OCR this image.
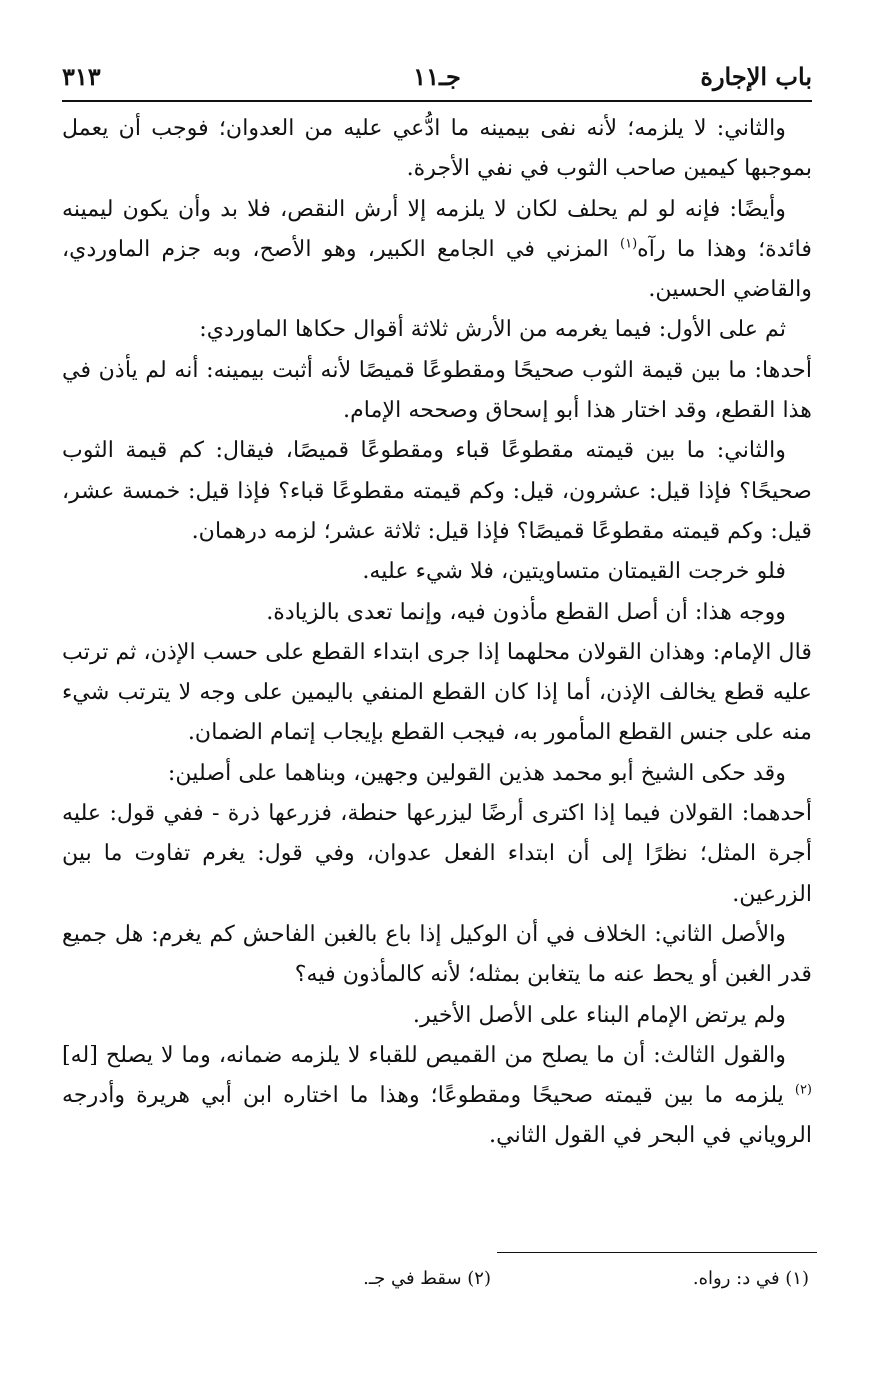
باب الإجارة
جـ١١
٣١٣

والثاني: لا يلزمه؛ لأنه نفى بيمينه ما ادُّعي عليه من العدوان؛ فوجب أن يعمل بموجبها كيمين صاحب الثوب في نفي الأجرة.

وأيضًا: فإنه لو لم يحلف لكان لا يلزمه إلا أرش النقص، فلا بد وأن يكون ليمينه فائدة؛ وهذا ما رآه$^{(١)}$ المزني في الجامع الكبير، وهو الأصح، وبه جزم الماوردي، والقاضي الحسين.

ثم على الأول: فيما يغرمه من الأرش ثلاثة أقوال حكاها الماوردي:

أحدها: ما بين قيمة الثوب صحيحًا ومقطوعًا قميصًا لأنه أثبت بيمينه: أنه لم يأذن في هذا القطع، وقد اختار هذا أبو إسحاق وصححه الإمام.

والثاني: ما بين قيمته مقطوعًا قباء ومقطوعًا قميصًا، فيقال: كم قيمة الثوب صحيحًا؟ فإذا قيل: عشرون، قيل: وكم قيمته مقطوعًا قباء؟ فإذا قيل: خمسة عشر، قيل: وكم قيمته مقطوعًا قميصًا؟ فإذا قيل: ثلاثة عشر؛ لزمه درهمان.

فلو خرجت القيمتان متساويتين، فلا شيء عليه.

ووجه هذا: أن أصل القطع مأذون فيه، وإنما تعدى بالزيادة.

قال الإمام: وهذان القولان محلهما إذا جرى ابتداء القطع على حسب الإذن، ثم ترتب عليه قطع يخالف الإذن، أما إذا كان القطع المنفي باليمين على وجه لا يترتب شيء منه على جنس القطع المأمور به، فيجب القطع بإيجاب إتمام الضمان.

وقد حكى الشيخ أبو محمد هذين القولين وجهين، وبناهما على أصلين:

أحدهما: القولان فيما إذا اكترى أرضًا ليزرعها حنطة، فزرعها ذرة - ففي قول: عليه أجرة المثل؛ نظرًا إلى أن ابتداء الفعل عدوان، وفي قول: يغرم تفاوت ما بين الزرعين.

والأصل الثاني: الخلاف في أن الوكيل إذا باع بالغبن الفاحش كم يغرم: هل جميع قدر الغبن أو يحط عنه ما يتغابن بمثله؛ لأنه كالمأذون فيه؟

ولم يرتض الإمام البناء على الأصل الأخير.

والقول الثالث: أن ما يصلح من القميص للقباء لا يلزمه ضمانه، وما لا يصلح [له]$^{(٢)}$ يلزمه ما بين قيمته صحيحًا ومقطوعًا؛ وهذا ما اختاره ابن أبي هريرة وأدرجه الروياني في البحر في القول الثاني.

(١) في د: رواه.
(٢) سقط في جـ.
